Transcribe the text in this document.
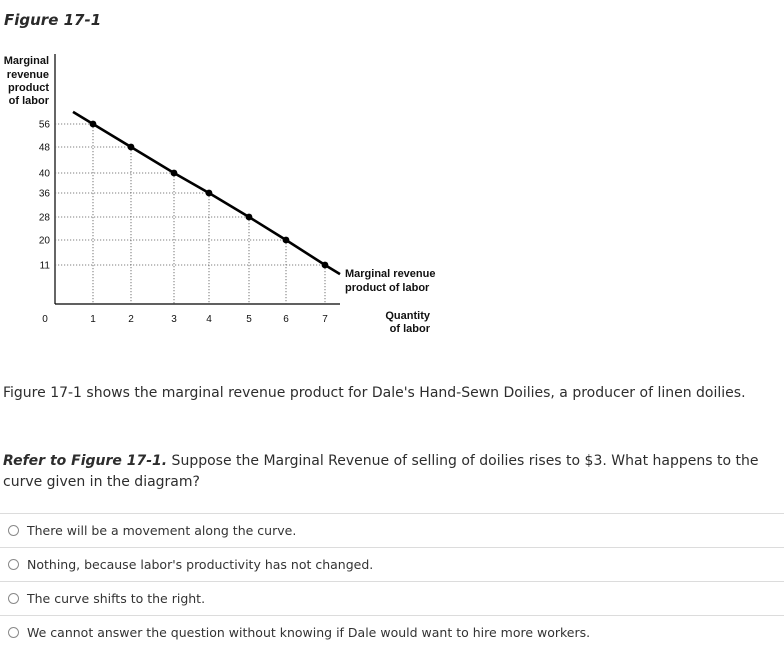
Figure 17-1
Marginal
revenue
product
of labor
56
48
40
36
28
20
11
1	2	3	4	5	6	7
0	Quantity
of labor
Marginal revenue
product of labor
Figure 17-1 shows the marginal revenue product for Dale's Hand-Sewn Doilies, a producer of linen doilies.
Refer to Figure 17-1. Suppose the Marginal Revenue of selling of doilies rises to $3. What happens to the curve given in the diagram?
There will be a movement along the curve.
Nothing, because labor's productivity has not changed.
The curve shifts to the right.
We cannot answer the question without knowing if Dale would want to hire more workers.
